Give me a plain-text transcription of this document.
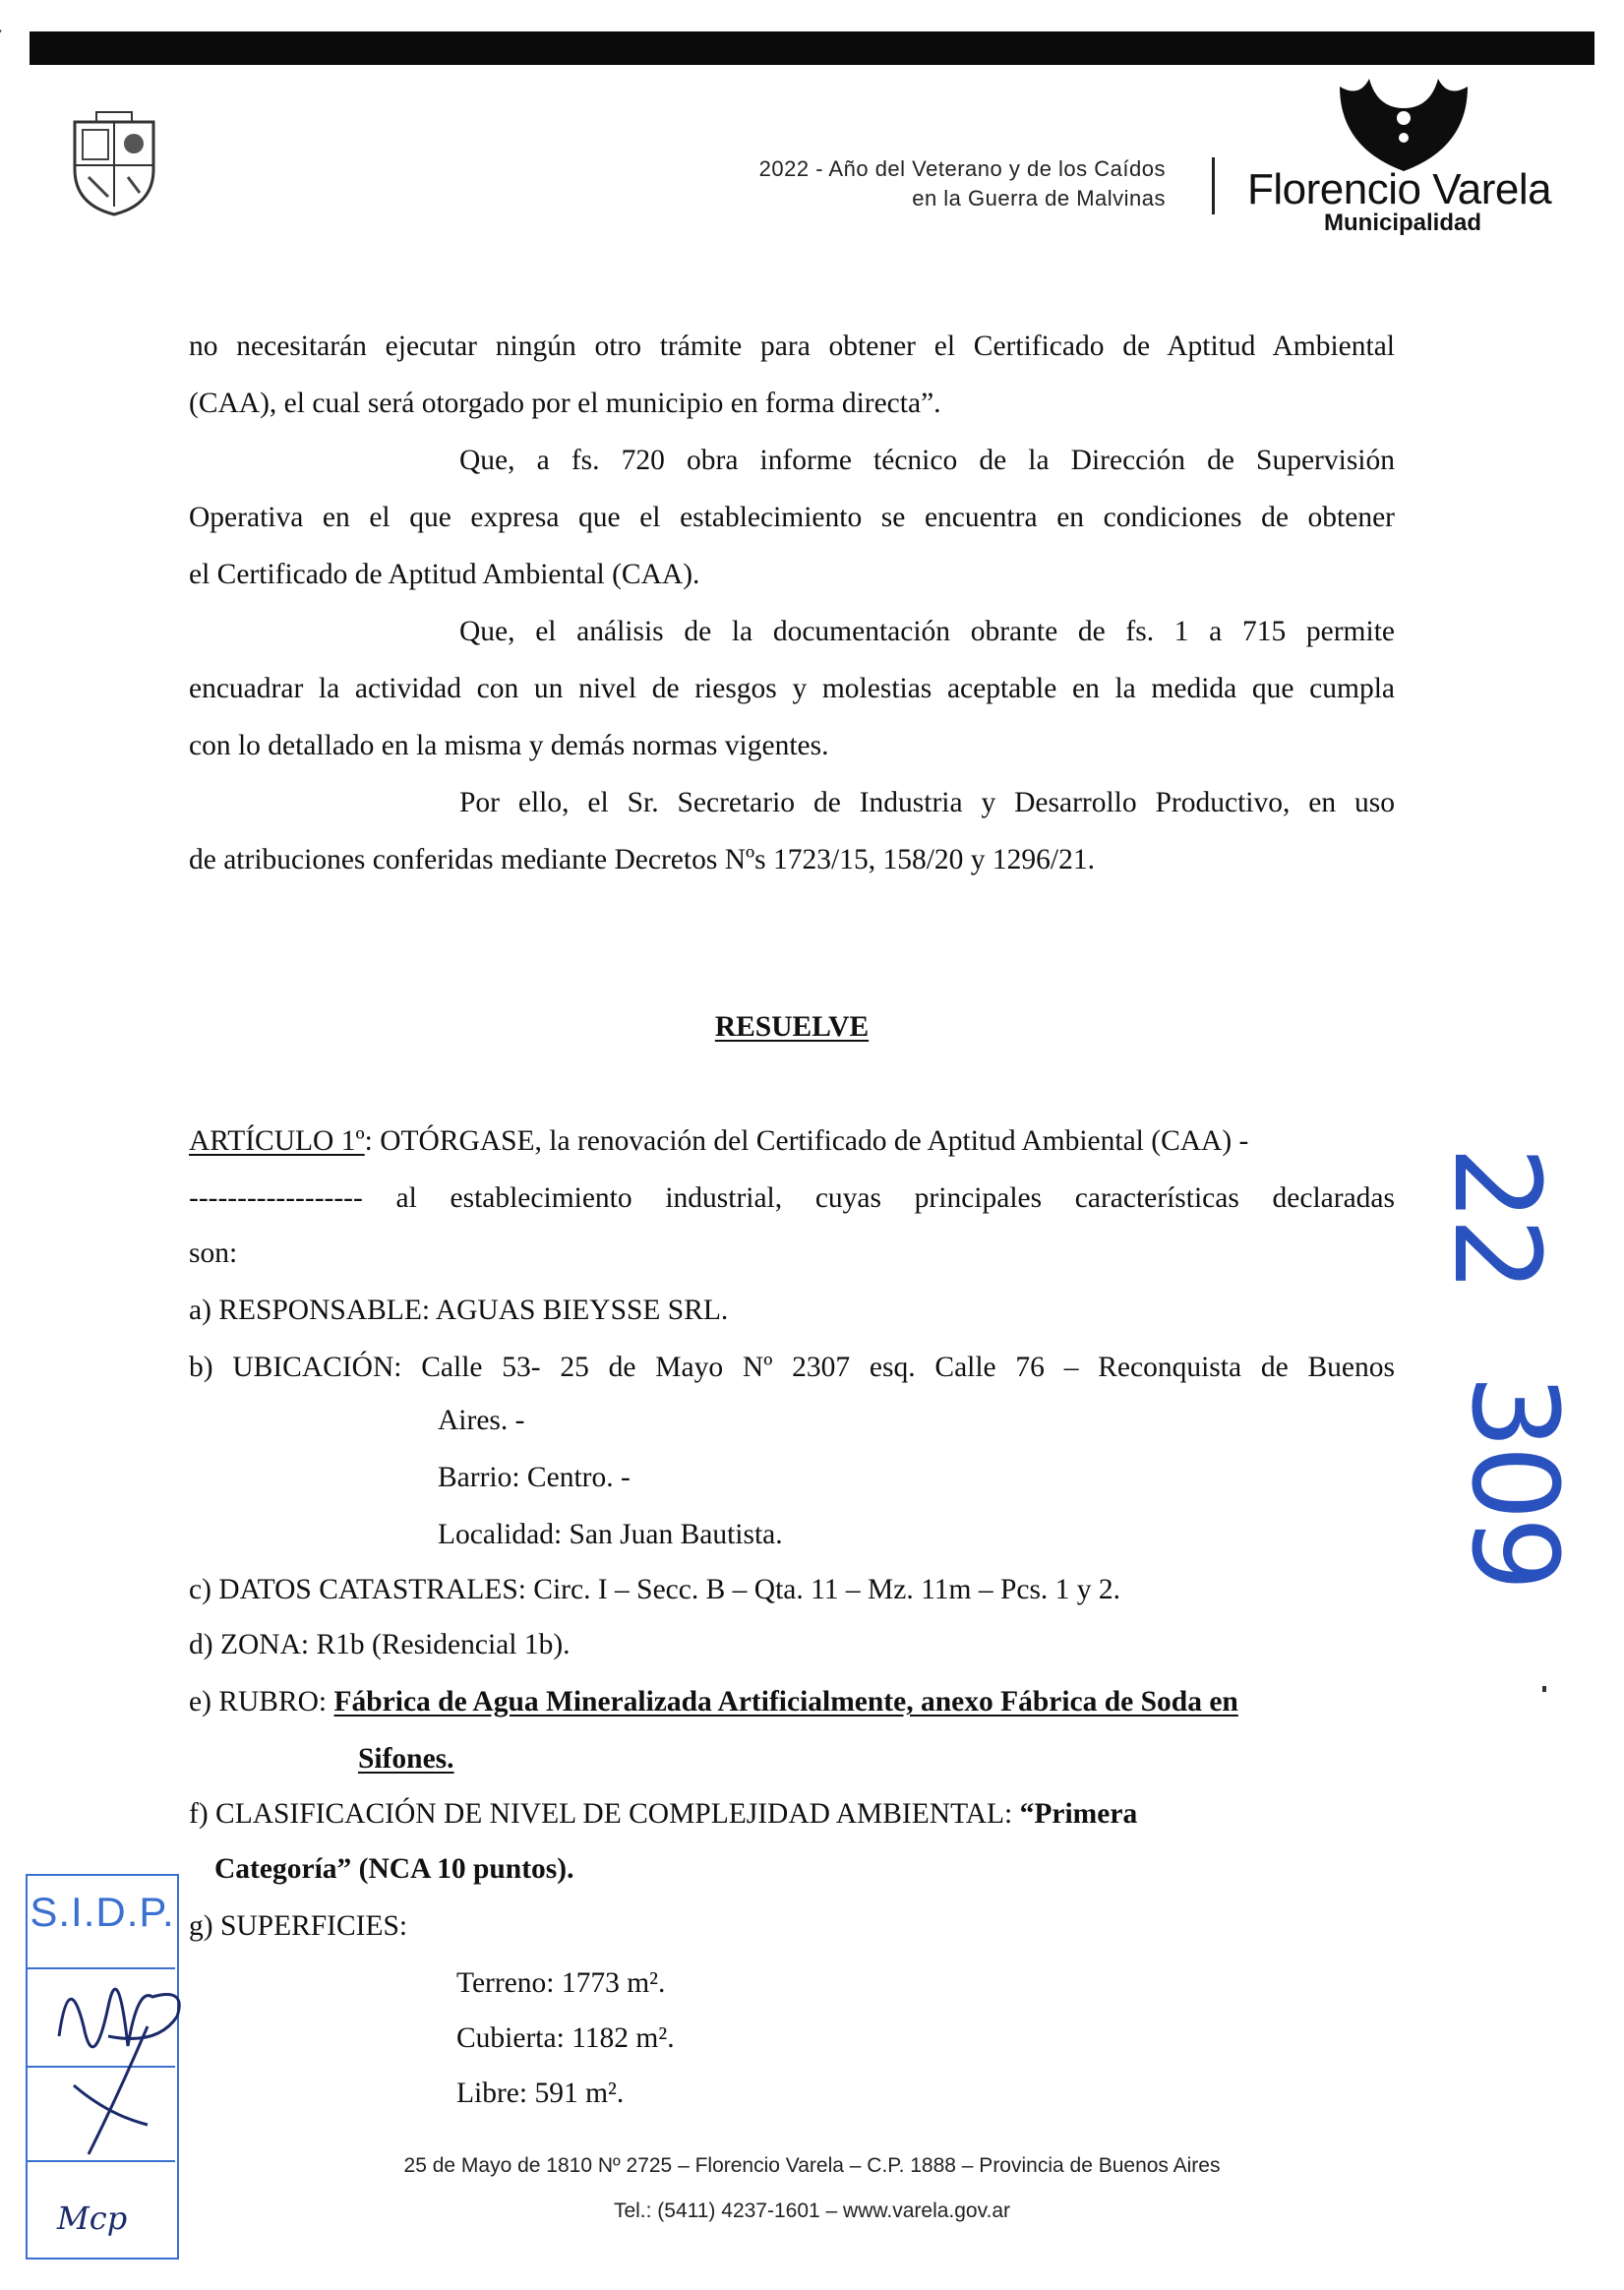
2022 - Año del Veterano y de los Caídos
en la Guerra de Malvinas Florencio Varela
Municipalidad
no necesitarán ejecutar ningún otro trámite para obtener el Certificado de Aptitud Ambiental
(CAA), el cual será otorgado por el municipio en forma directa”.
Que, a fs. 720 obra informe técnico de la Dirección de Supervisión
Operativa en el que expresa que el establecimiento se encuentra en condiciones de obtener
el Certificado de Aptitud Ambiental (CAA).
Que, el análisis de la documentación obrante de fs. 1 a 715 permite
encuadrar la actividad con un nivel de riesgos y molestias aceptable en la medida que cumpla
con lo detallado en la misma y demás normas vigentes.
Por ello, el Sr. Secretario de Industria y Desarrollo Productivo, en uso
de atribuciones conferidas mediante Decretos Nºs 1723/15, 158/20 y 1296/21.
RESUELVE
ARTÍCULO 1º: OTÓRGASE, la renovación del Certificado de Aptitud Ambiental (CAA) -
------------------ al establecimiento industrial, cuyas principales características declaradas
son:
a) RESPONSABLE: AGUAS BIEYSSE SRL.
b) UBICACIÓN: Calle 53- 25 de Mayo Nº 2307 esq. Calle 76 – Reconquista de Buenos
Aires. -
Barrio: Centro. -
Localidad: San Juan Bautista.
c) DATOS CATASTRALES: Circ. I – Secc. B – Qta. 11 – Mz. 11m – Pcs. 1 y 2.
d) ZONA: R1b (Residencial 1b).
e) RUBRO: Fábrica de Agua Mineralizada Artificialmente, anexo Fábrica de Soda en
Sifones.
f) CLASIFICACIÓN DE NIVEL DE COMPLEJIDAD AMBIENTAL: “Primera
Categoría” (NCA 10 puntos).
g) SUPERFICIES:
Terreno: 1773 m².
Cubierta: 1182 m².
Libre: 591 m².
22
309
S.I.D.P.
Mcp
25 de Mayo de 1810 Nº 2725 – Florencio Varela – C.P. 1888 – Provincia de Buenos Aires
Tel.: (5411) 4237-1601 – www.varela.gov.ar
